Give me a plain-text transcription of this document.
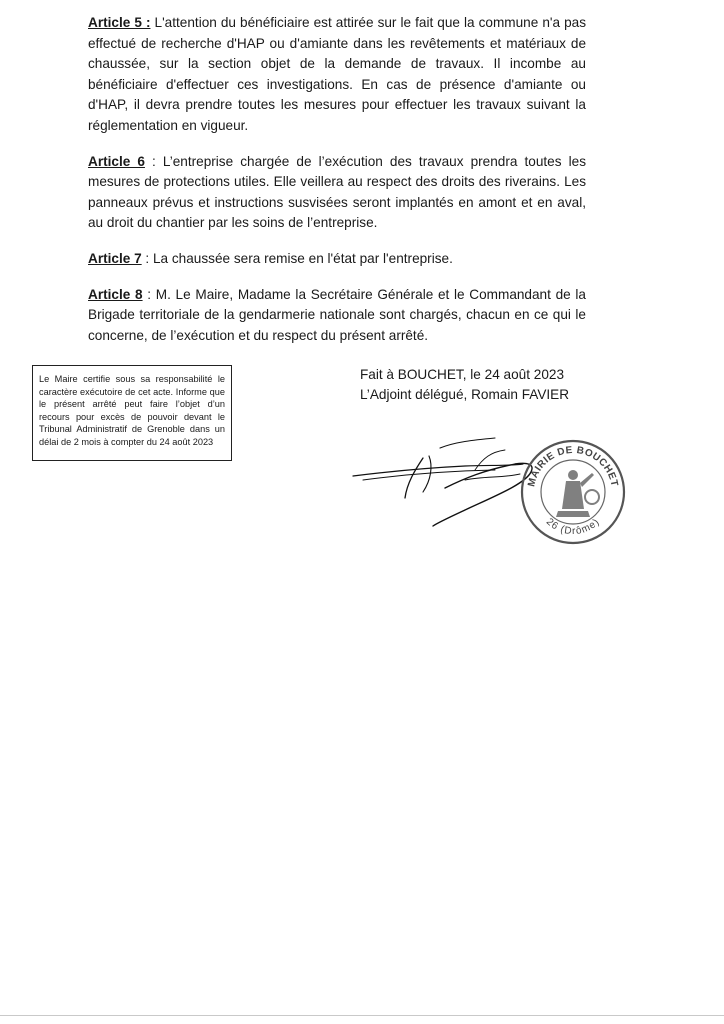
Article 5 : L'attention du bénéficiaire est attirée sur le fait que la commune n'a pas effectué de recherche d'HAP ou d'amiante dans les revêtements et matériaux de chaussée, sur la section objet de la demande de travaux. Il incombe au bénéficiaire d'effectuer ces investigations. En cas de présence d'amiante ou d'HAP, il devra prendre toutes les mesures pour effectuer les travaux suivant la réglementation en vigueur.

Article 6 : L’entreprise chargée de l’exécution des travaux prendra toutes les mesures de protections utiles. Elle veillera au respect des droits des riverains. Les panneaux prévus et instructions susvisées seront implantés en amont et en aval, au droit du chantier par les soins de l’entreprise.

Article 7 : La chaussée sera remise en l'état par l'entreprise.

Article 8 : M. Le Maire, Madame la Secrétaire Générale et le Commandant de la Brigade territoriale de la gendarmerie nationale sont chargés, chacun en ce qui le concerne, de l’exécution et du respect du présent arrêté.

Le Maire certifie sous sa responsabilité le caractère exécutoire de cet acte. Informe que le présent arrêté peut faire l’objet d’un recours pour excès de pouvoir devant le Tribunal Administratif de Grenoble dans un délai de 2 mois à compter du 24 août 2023

Fait à BOUCHET, le 24 août 2023
L’Adjoint délégué, Romain FAVIER
MAIRIE DE BOUCHET
26 (Drôme)
